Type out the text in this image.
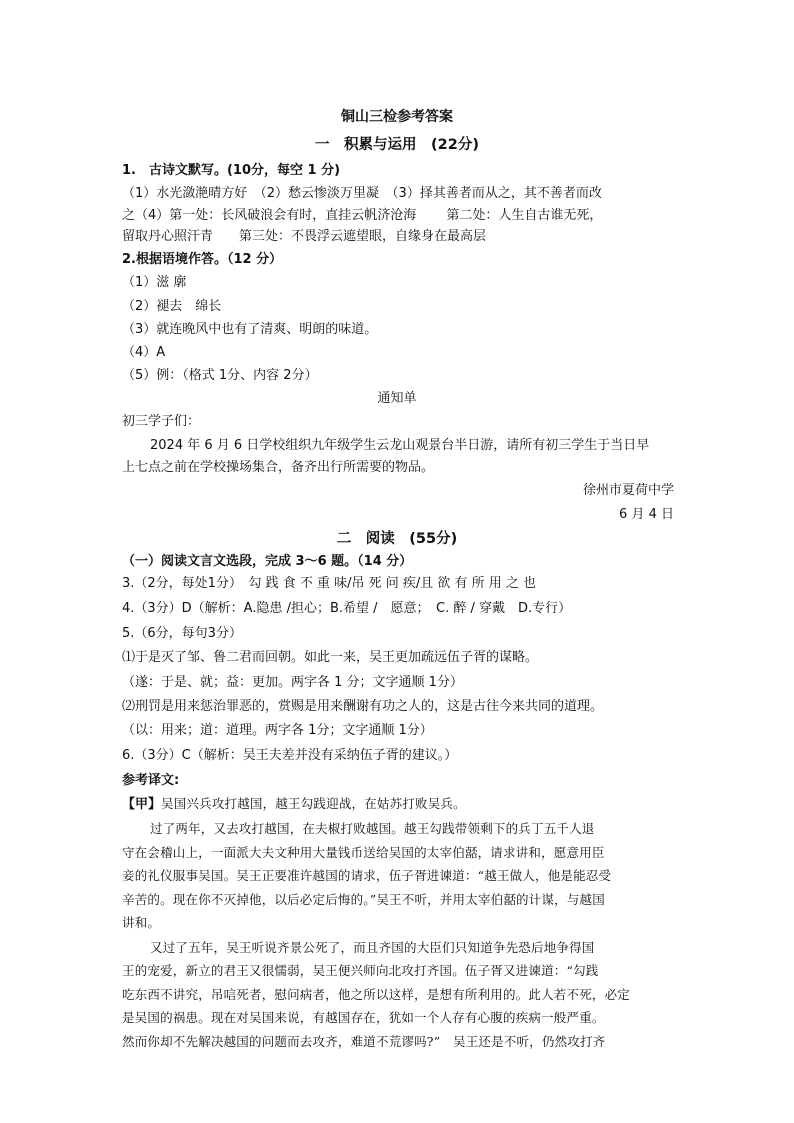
铜山三检参考答案
一　积累与运用　(22分)
1.　古诗文默写。(10分，每空 1 分)
（1）水光潋滟晴方好　（2）愁云惨淡万里凝　（3）择其善者而从之，其不善者而改
之（4）第一处：长风破浪会有时，直挂云帆济沧海　　 第二处：人生自古谁无死，
留取丹心照汗青　　第三处：不畏浮云遮望眼，自缘身在最高层
2.根据语境作答。（12 分）
（1）滋 廓
（2）褪去　绵长
（3）就连晚风中也有了清爽、明朗的味道。
（4）A
（5）例：（格式 1分、内容 2分）
通知单
初三学子们：
2024 年 6 月 6 日学校组织九年级学生云龙山观景台半日游，请所有初三学生于当日早
上七点之前在学校操场集合，备齐出行所需要的物品。
徐州市夏荷中学
6 月 4 日
二　阅读　(55分)
（一）阅读文言文选段，完成 3～6 题。（14 分）
3.（2分，每处1分）　勾 践 食 不 重 味/吊 死 问 疾/且 欲 有 所 用 之 也
4.（3分）D（解析：A.隐患 /担心；B.希望 /　愿意；　C. 醉 / 穿戴　D.专行）
5.（6分，每句3分）
⑴于是灭了邹、鲁二君而回朝。如此一来，吴王更加疏远伍子胥的谋略。
（遂：于是、就；益：更加。两字各 1 分；文字通顺 1分）
⑵刑罚是用来惩治罪恶的，赏赐是用来酬谢有功之人的，这是古往今来共同的道理。
（以：用来；道：道理。两字各 1分；文字通顺 1分）
6.（3分）C（解析：吴王夫差并没有采纳伍子胥的建议。）
参考译文:
【甲】吴国兴兵攻打越国，越王勾践迎战，在姑苏打败吴兵。
过了两年，又去攻打越国，在夫椒打败越国。越王勾践带领剩下的兵丁五千人退
守在会稽山上，一面派大夫文种用大量钱币送给吴国的太宰伯嚭，请求讲和，愿意用臣
妾的礼仪服事吴国。吴王正要准许越国的请求，伍子胥进谏道：“越王做人，他是能忍受
辛苦的。现在你不灭掉他，以后必定后悔的。”吴王不听，并用太宰伯嚭的计谋，与越国
讲和。
又过了五年，吴王听说齐景公死了，而且齐国的大臣们只知道争先恐后地争得国
王的宠爱，新立的君王又很懦弱，吴王便兴师向北攻打齐国。伍子胥又进谏道：“勾践
吃东西不讲究，吊唁死者，慰问病者，他之所以这样，是想有所利用的。此人若不死，必定
是吴国的祸患。现在对吴国来说，有越国存在，犹如一个人存有心腹的疾病一般严重。
然而你却不先解决越国的问题而去攻齐，难道不荒谬吗?”　吴王还是不听，仍然攻打齐
